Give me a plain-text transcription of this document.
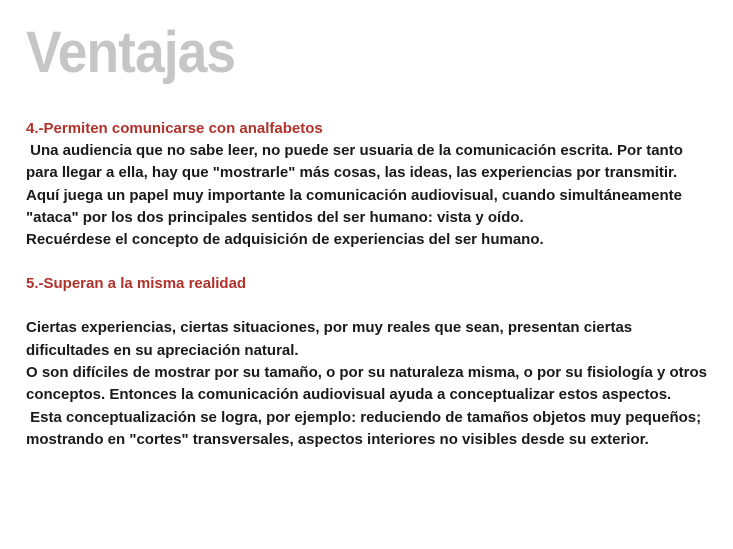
Ventajas

4.-Permiten comunicarse con analfabetos

Una audiencia que no sabe leer, no puede ser usuaria de la comunicación escrita. Por tanto para llegar a ella, hay que "mostrarle" más cosas, las ideas, las experiencias por transmitir.

Aquí juega un papel muy importante la comunicación audiovisual, cuando simultáneamente "ataca" por los dos principales sentidos del ser humano: vista y oído.

Recuérdese el concepto de adquisición de experiencias del ser humano.

5.-Superan a la misma realidad

Ciertas experiencias, ciertas situaciones, por muy reales que sean, presentan ciertas dificultades en su apreciación natural.

O son difíciles de mostrar por su tamaño, o por su naturaleza misma, o por su fisiología y otros conceptos. Entonces la comunicación audiovisual ayuda a conceptualizar estos aspectos.

Esta conceptualización se logra, por ejemplo: reduciendo de tamaños objetos muy pequeños; mostrando en "cortes" transversales, aspectos interiores no visibles desde su exterior.
